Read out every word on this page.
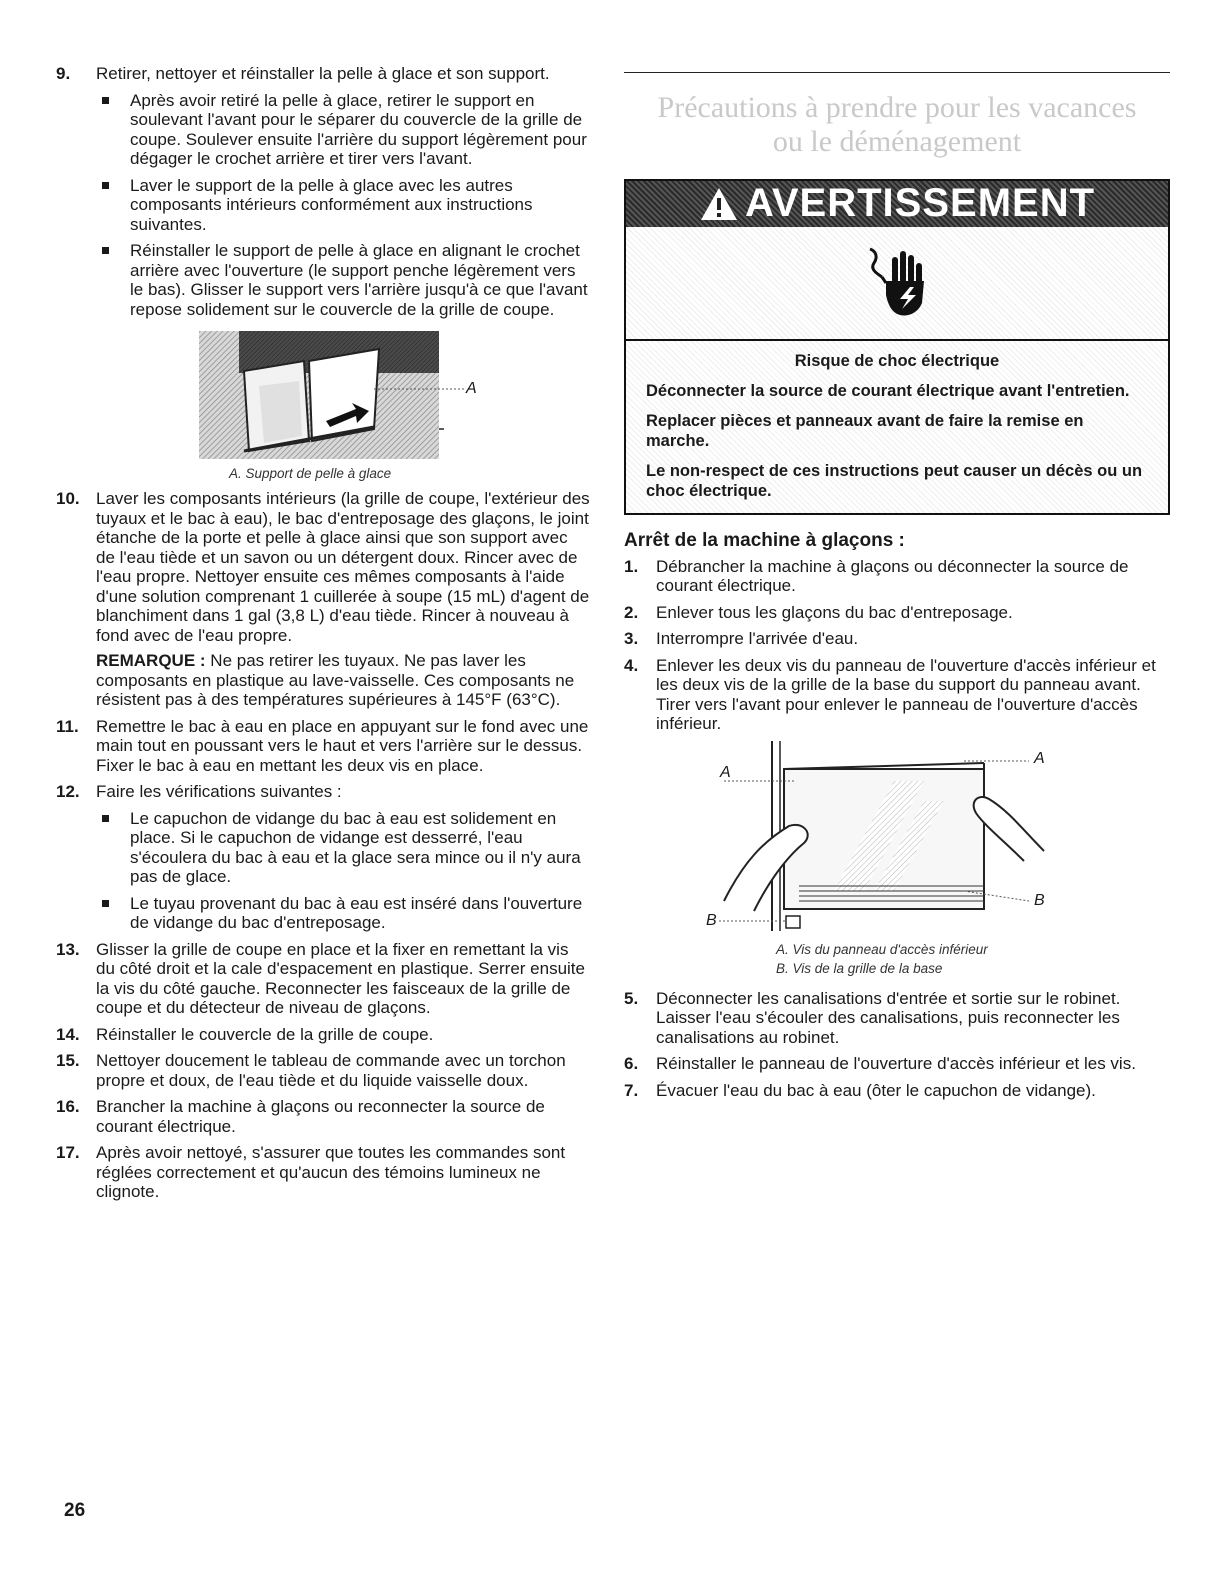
9.	Retirer, nettoyer et réinstaller la pelle à glace et son support.

Après avoir retiré la pelle à glace, retirer le support en soulevant l'avant pour le séparer du couvercle de la grille de coupe. Soulever ensuite l'arrière du support légèrement pour dégager le crochet arrière et tirer vers l'avant.

Laver le support de la pelle à glace avec les autres composants intérieurs conformément aux instructions suivantes.

Réinstaller le support de pelle à glace en alignant le crochet arrière avec l'ouverture (le support penche légèrement vers le bas). Glisser le support vers l'arrière jusqu'à ce que l'avant repose solidement sur le couvercle de la grille de coupe.

A
A. Support de pelle à glace
10. Laver les composants intérieurs (la grille de coupe, l'extérieur des tuyaux et le bac à eau), le bac d'entreposage des glaçons, le joint étanche de la porte et pelle à glace ainsi que son support avec de l'eau tiède et un savon ou un détergent doux. Rincer avec de l'eau propre. Nettoyer ensuite ces mêmes composants à l'aide d'une solution comprenant 1 cuillerée à soupe (15 mL) d'agent de blanchiment dans 1 gal (3,8 L) d'eau tiède. Rincer à nouveau à fond avec de l'eau propre.

REMARQUE : Ne pas retirer les tuyaux. Ne pas laver les composants en plastique au lave-vaisselle. Ces composants ne résistent pas à des températures supérieures à 145°F (63°C).

11.	Remettre le bac à eau en place en appuyant sur le fond avec une main tout en poussant vers le haut et vers l'arrière sur le dessus. Fixer le bac à eau en mettant les deux vis en place.

12. Faire les vérifications suivantes :

Le capuchon de vidange du bac à eau est solidement en place. Si le capuchon de vidange est desserré, l'eau s'écoulera du bac à eau et la glace sera mince ou il n'y aura pas de glace.

Le tuyau provenant du bac à eau est inséré dans l'ouverture de vidange du bac d'entreposage.

13. Glisser la grille de coupe en place et la fixer en remettant la vis du côté droit et la cale d'espacement en plastique. Serrer ensuite la vis du côté gauche. Reconnecter les faisceaux de la grille de coupe et du détecteur de niveau de glaçons.

14. Réinstaller le couvercle de la grille de coupe.

15. Nettoyer doucement le tableau de commande avec un torchon propre et doux, de l'eau tiède et du liquide vaisselle doux.

16. Brancher la machine à glaçons ou reconnecter la source de courant électrique.

17. Après avoir nettoyé, s'assurer que toutes les commandes sont réglées correctement et qu'aucun des témoins lumineux ne clignote.

Précautions à prendre pour les vacances
ou le déménagement
AVERTISSEMENT
Risque de choc électrique

Déconnecter la source de courant électrique avant l'entretien.

Replacer pièces et panneaux avant de faire la remise en marche.

Le non-respect de ces instructions peut causer un décès ou un choc électrique.

Arrêt de la machine à glaçons :
1.	Débrancher la machine à glaçons ou déconnecter la source de courant électrique.

2.	Enlever tous les glaçons du bac d'entreposage.

3.	Interrompre l'arrivée d'eau.

4.	Enlever les deux vis du panneau de l'ouverture d'accès inférieur et les deux vis de la grille de la base du support du panneau avant. Tirer vers l'avant pour enlever le panneau de l'ouverture d'accès inférieur.

A
A
B
B
A. Vis du panneau d'accès inférieur
B. Vis de la grille de la base
5.	Déconnecter les canalisations d'entrée et sortie sur le robinet. Laisser l'eau s'écouler des canalisations, puis reconnecter les canalisations au robinet.

6.	Réinstaller le panneau de l'ouverture d'accès inférieur et les vis.

7.	Évacuer l'eau du bac à eau (ôter le capuchon de vidange).

26
